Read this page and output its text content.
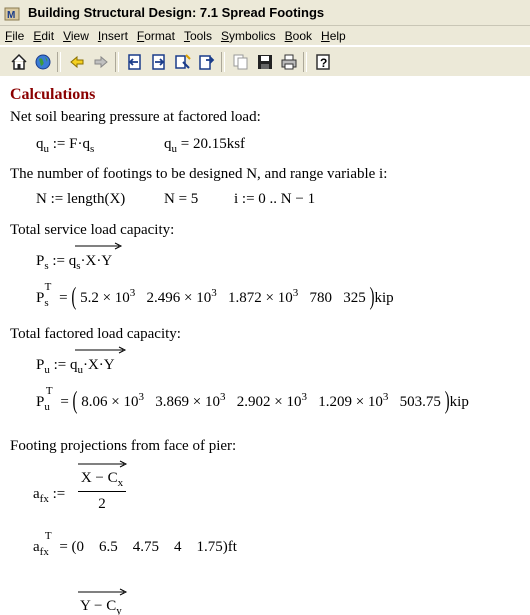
M Building Structural Design: 7.1 Spread Footings
File Edit View Insert Format Tools Symbolics Book Help
?
Calculations
Net soil bearing pressure at factored load:
$q_u$ := $F\cdot q_s$	$q_u = 20.15ksf$
The number of footings to be designed N, and range variable i:
N := length(X)	N = 5 i := 0 .. N − 1
Total service load capacity:
$P_s$ := $q_s\cdot X\cdot Y$
$P_s^T$ = ( $5.2 \times 10^3$ $2.496 \times 10^3$ $1.872 \times 10^3$ 780 325 )kip
Total factored load capacity:
$P_u$ := $q_u\cdot X\cdot Y$
$P_u^T$ = ( $8.06 \times 10^3$ $3.869 \times 10^3$ $2.902 \times 10^3$ $1.209 \times 10^3$ 503.75 )kip
Footing projections from face of pier:
$a_{fx}$ := $\frac{X - C_x}{2}$
$a_{fx}^T = (0$ 6.5 4.75 4 1.75)ft
$Y - C_y$
